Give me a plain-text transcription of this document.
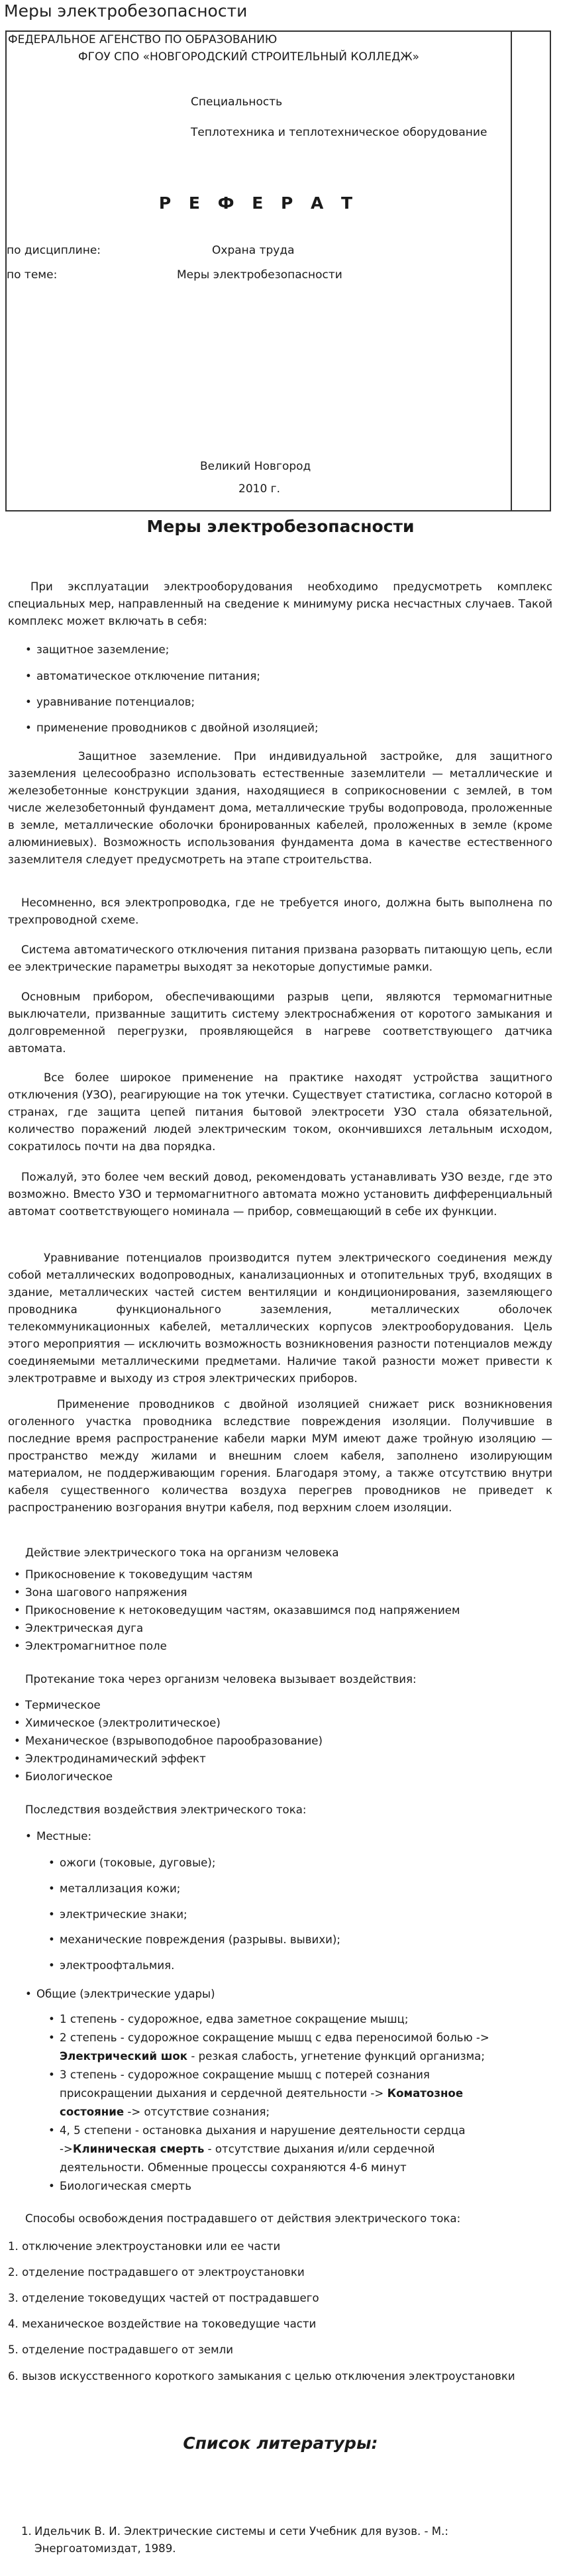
Меры электробезопасности
ФЕДЕРАЛЬНОЕ АГЕНСТВО ПО ОБРАЗОВАНИЮ
ФГОУ СПО «НОВГОРОДСКИЙ СТРОИТЕЛЬНЫЙ КОЛЛЕДЖ»
Специальность
Теплотехника и теплотехническое оборудование
Р Е Ф Е Р А Т
по дисциплине:	Охрана труда
по теме:	Меры электробезопасности
Великий Новгород
2010 г.
Меры электробезопасности
При эксплуатации электрооборудования необходимо предусмотреть комплекс специальных мер, направленный на сведение к минимуму риска несчастных случаев. Такой комплекс может включать в себя:
• защитное заземление;
• автоматическое отключение питания;
• уравнивание потенциалов;
• применение проводников с двойной изоляцией;
Защитное заземление. При индивидуальной застройке, для защитного заземления целесообразно использовать естественные заземлители — металлические и железобетонные конструкции здания, находящиеся в соприкосновении с землей, в том числе железобетонный фундамент дома, металлические трубы водопровода, проложенные в земле, металлические оболочки бронированных кабелей, проложенных в земле (кроме алюминиевых). Возможность использования фундамента дома в качестве естественного заземлителя следует предусмотреть на этапе строительства.
Несомненно, вся электропроводка, где не требуется иного, должна быть выполнена по трехпроводной схеме.
Система автоматического отключения питания призвана разорвать питающую цепь, если ее электрические параметры выходят за некоторые допустимые рамки.
Основным прибором, обеспечивающими разрыв цепи, являются термомагнитные выключатели, призванные защитить систему электроснабжения от коротого замыкания и долговременной перегрузки, проявляющейся в нагреве соответствующего датчика автомата.
Все более широкое применение на практике находят устройства защитного отключения (УЗО), реагирующие на ток утечки. Существует статистика, согласно которой в странах, где защита цепей питания бытовой электросети УЗО стала обязательной, количество поражений людей электрическим током, окончившихся летальным исходом, сократилось почти на два порядка.
Пожалуй, это более чем веский довод, рекомендовать устанавливать УЗО везде, где это возможно. Вместо УЗО и термомагнитного автомата можно установить дифференциальный автомат соответствующего номинала — прибор, совмещающий в себе их функции.
Уравнивание потенциалов производится путем электрического соединения между собой металлических водопроводных, канализационных и отопительных труб, входящих в здание, металлических частей систем вентиляции и кондиционирования, заземляющего проводника функционального заземления, металлических оболочек телекоммуникационных кабелей, металлических корпусов электрооборудования. Цель этого мероприятия — исключить возможность возникновения разности потенциалов между соединяемыми металлическими предметами. Наличие такой разности может привести к электротравме и выходу из строя электрических приборов.
Применение проводников с двойной изоляцией снижает риск возникновения оголенного участка проводника вследствие повреждения изоляции. Получившие в последние время распространение кабели марки МУМ имеют даже тройную изоляцию — пространство между жилами и внешним слоем кабеля, заполнено изолирующим материалом, не поддерживающим горения. Благодаря этому, а также отсутствию внутри кабеля существенного количества воздуха перегрев проводников не приведет к распространению возгорания внутри кабеля, под верхним слоем изоляции.
Действие электрического тока на организм человека
• Прикосновение к токоведущим частям
• Зона шагового напряжения
• Прикосновение к нетоковедущим частям, оказавшимся под напряжением
• Электрическая дуга
• Электромагнитное поле
Протекание тока через организм человека вызывает воздействия:
• Термическое
• Химическое (электролитическое)
• Механическое (взрывоподобное парообразование)
• Электродинамический эффект
• Биологическое
Последствия воздействия электрического тока:
• Местные:
• ожоги (токовые, дуговые);
• металлизация кожи;
• электрические знаки;
• механические повреждения (разрывы. вывихи);
• электроофтальмия.
• Общие (электрические удары)
• 1 степень - судорожное, едва заметное сокращение мышц;
• 2 степень - судорожное сокращение мышц с едва переносимой болью ->
Электрический шок - резкая слабость, угнетение функций организма;
• 3 степень - судорожное сокращение мышц с потерей сознания
присокращении дыхания и сердечной деятельности -> Коматозное
состояние -> отсутствие сознания;
• 4, 5 степени - остановка дыхания и нарушение деятельности сердца
->Клиническая смерть - отсутствие дыхания и/или сердечной
деятельности. Обменные процессы сохраняются 4-6 минут
• Биологическая смерть
Способы освобождения пострадавшего от действия электрического тока:
1. отключение электроустановки или ее части
2. отделение пострадавшего от электроустановки
3. отделение токоведущих частей от пострадавшего
4. механическое воздействие на токоведущие части
5. отделение пострадавшего от земли
6. вызов искусственного короткого замыкания с целью отключения электроустановки
Список литературы:
1. Идельчик В. И. Электрические системы и сети Учебник для вузов. - М.:
Энергоатомиздат, 1989.
